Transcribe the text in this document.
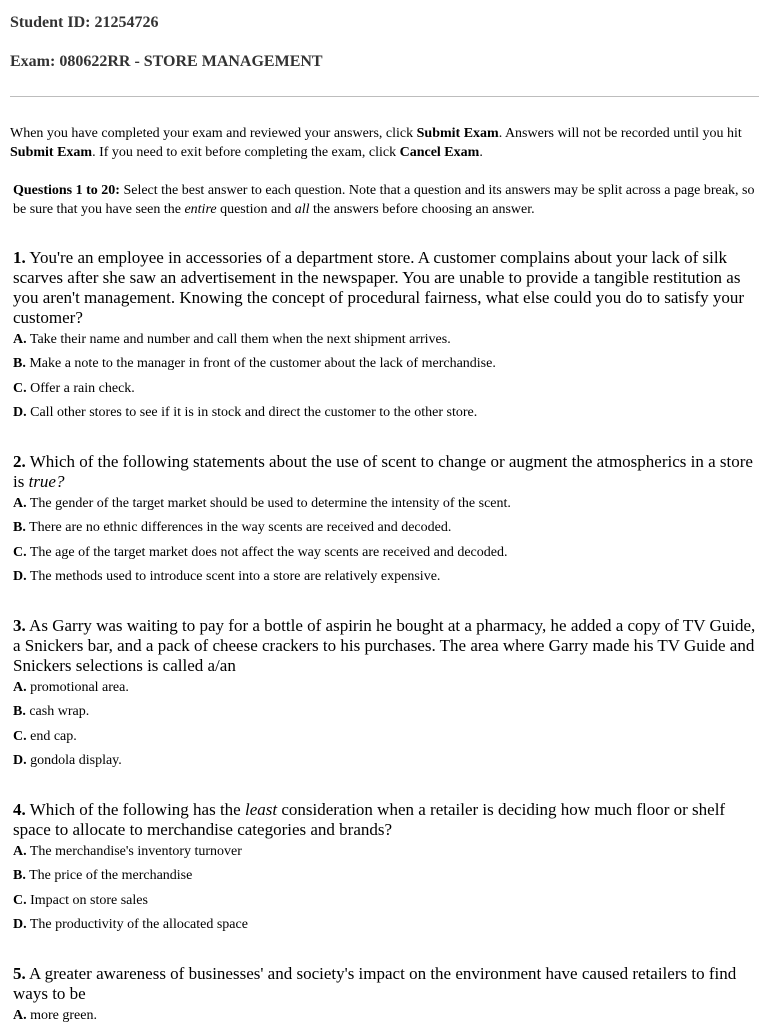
Student ID: 21254726
Exam: 080622RR - STORE MANAGEMENT

When you have completed your exam and reviewed your answers, click Submit Exam. Answers will not be recorded until you hit Submit Exam. If you need to exit before completing the exam, click Cancel Exam.

Questions 1 to 20: Select the best answer to each question. Note that a question and its answers may be split across a page break, so be sure that you have seen the entire question and all the answers before choosing an answer.

1. You're an employee in accessories of a department store. A customer complains about your lack of silk scarves after she saw an advertisement in the newspaper. You are unable to provide a tangible restitution as you aren't management. Knowing the concept of procedural fairness, what else could you do to satisfy your customer?

A. Take their name and number and call them when the next shipment arrives.
B. Make a note to the manager in front of the customer about the lack of merchandise.
C. Offer a rain check.
D. Call other stores to see if it is in stock and direct the customer to the other store.

2. Which of the following statements about the use of scent to change or augment the atmospherics in a store is true?

A. The gender of the target market should be used to determine the intensity of the scent.
B. There are no ethnic differences in the way scents are received and decoded.
C. The age of the target market does not affect the way scents are received and decoded.
D. The methods used to introduce scent into a store are relatively expensive.

3. As Garry was waiting to pay for a bottle of aspirin he bought at a pharmacy, he added a copy of TV Guide, a Snickers bar, and a pack of cheese crackers to his purchases. The area where Garry made his TV Guide and Snickers selections is called a/an

A. promotional area.
B. cash wrap.
C. end cap.
D. gondola display.

4. Which of the following has the least consideration when a retailer is deciding how much floor or shelf space to allocate to merchandise categories and brands?

A. The merchandise's inventory turnover
B. The price of the merchandise
C. Impact on store sales
D. The productivity of the allocated space

5. A greater awareness of businesses' and society's impact on the environment have caused retailers to find ways to be

A. more green.
